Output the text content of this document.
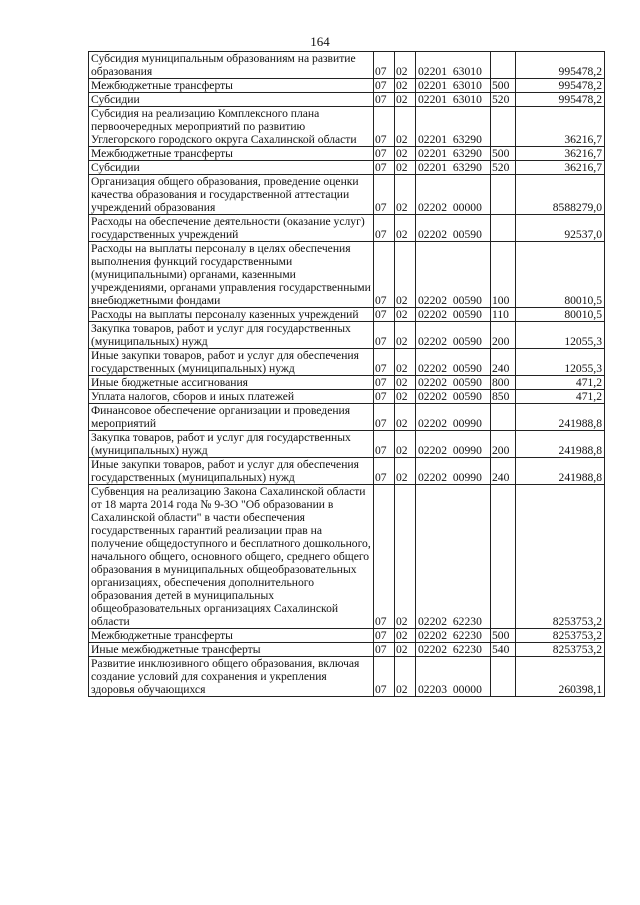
164
Субсидия муниципальным образованиям на развитие образования	07	02	02201 63010		995478,2
Межбюджетные трансферты	07	02	02201 63010	500	995478,2
Субсидии	07	02	02201 63010	520	995478,2
Субсидия на реализацию Комплексного плана первоочередных мероприятий по развитию Углегорского городского округа Сахалинской области	07	02	02201 63290		36216,7
Межбюджетные трансферты	07	02	02201 63290	500	36216,7
Субсидии	07	02	02201 63290	520	36216,7
Организация общего образования, проведение оценки качества образования и государственной аттестации учреждений образования	07	02	02202 00000		8588279,0
Расходы на обеспечение деятельности (оказание услуг) государственных учреждений	07	02	02202 00590		92537,0
Расходы на выплаты персоналу в целях обеспечения выполнения функций государственными (муниципальными) органами, казенными учреждениями, органами управления государственными внебюджетными фондами	07	02	02202 00590	100	80010,5
Расходы на выплаты персоналу казенных учреждений	07	02	02202 00590	110	80010,5
Закупка товаров, работ и услуг для государственных (муниципальных) нужд	07	02	02202 00590	200	12055,3
Иные закупки товаров, работ и услуг для обеспечения государственных (муниципальных) нужд	07	02	02202 00590	240	12055,3
Иные бюджетные ассигнования	07	02	02202 00590	800	471,2
Уплата налогов, сборов и иных платежей	07	02	02202 00590	850	471,2
Финансовое обеспечение организации и проведения мероприятий	07	02	02202 00990		241988,8
Закупка товаров, работ и услуг для государственных (муниципальных) нужд	07	02	02202 00990	200	241988,8
Иные закупки товаров, работ и услуг для обеспечения государственных (муниципальных) нужд	07	02	02202 00990	240	241988,8
Субвенция на реализацию Закона Сахалинской области от 18 марта 2014 года № 9-ЗО "Об образовании в Сахалинской области" в части обеспечения государственных гарантий реализации прав на получение общедоступного и бесплатного дошкольного, начального общего, основного общего, среднего общего образования в муниципальных общеобразовательных организациях, обеспечения дополнительного образования детей в муниципальных общеобразовательных организациях Сахалинской области	07	02	02202 62230		8253753,2
Межбюджетные трансферты	07	02	02202 62230	500	8253753,2
Иные межбюджетные трансферты	07	02	02202 62230	540	8253753,2
Развитие инклюзивного общего образования, включая создание условий для сохранения и укрепления здоровья обучающихся	07	02	02203 00000		260398,1
